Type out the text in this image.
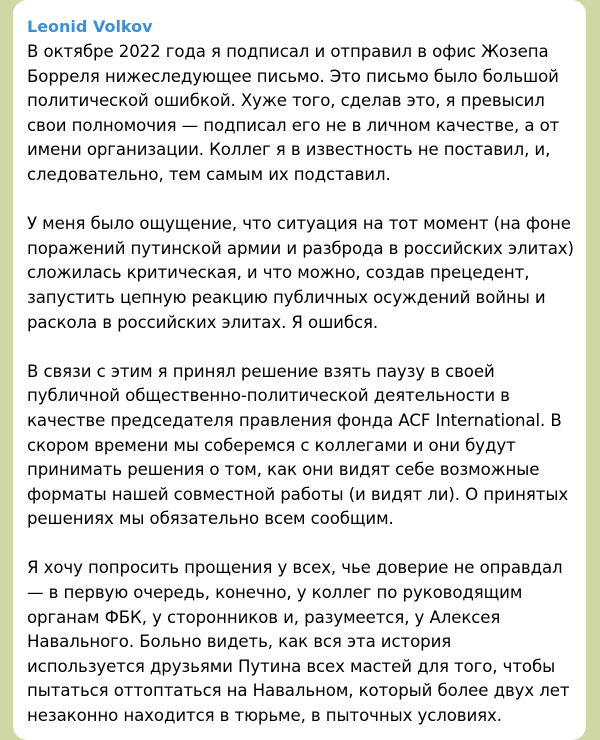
Leonid Volkov

В октябре 2022 года я подписал и отправил в офис Жозепа Борреля нижеследующее письмо. Это письмо было большой политической ошибкой. Хуже того, сделав это, я превысил свои полномочия — подписал его не в личном качестве, а от имени организации. Коллег я в известность не поставил, и, следовательно, тем самым их подставил.

У меня было ощущение, что ситуация на тот момент (на фоне поражений путинской армии и разброда в российских элитах) сложилась критическая, и что можно, создав прецедент, запустить цепную реакцию публичных осуждений войны и раскола в российских элитах. Я ошибся.

В связи с этим я принял решение взять паузу в своей публичной общественно-политической деятельности в качестве председателя правления фонда ACF International. В скором времени мы соберемся с коллегами и они будут принимать решения о том, как они видят себе возможные форматы нашей совместной работы (и видят ли). О принятых решениях мы обязательно всем сообщим.

Я хочу попросить прощения у всех, чье доверие не оправдал — в первую очередь, конечно, у коллег по руководящим органам ФБК, у сторонников и, разумеется, у Алексея Навального. Больно видеть, как вся эта история используется друзьями Путина всех мастей для того, чтобы пытаться оттоптаться на Навальном, который более двух лет незаконно находится в тюрьме, в пыточных условиях.
